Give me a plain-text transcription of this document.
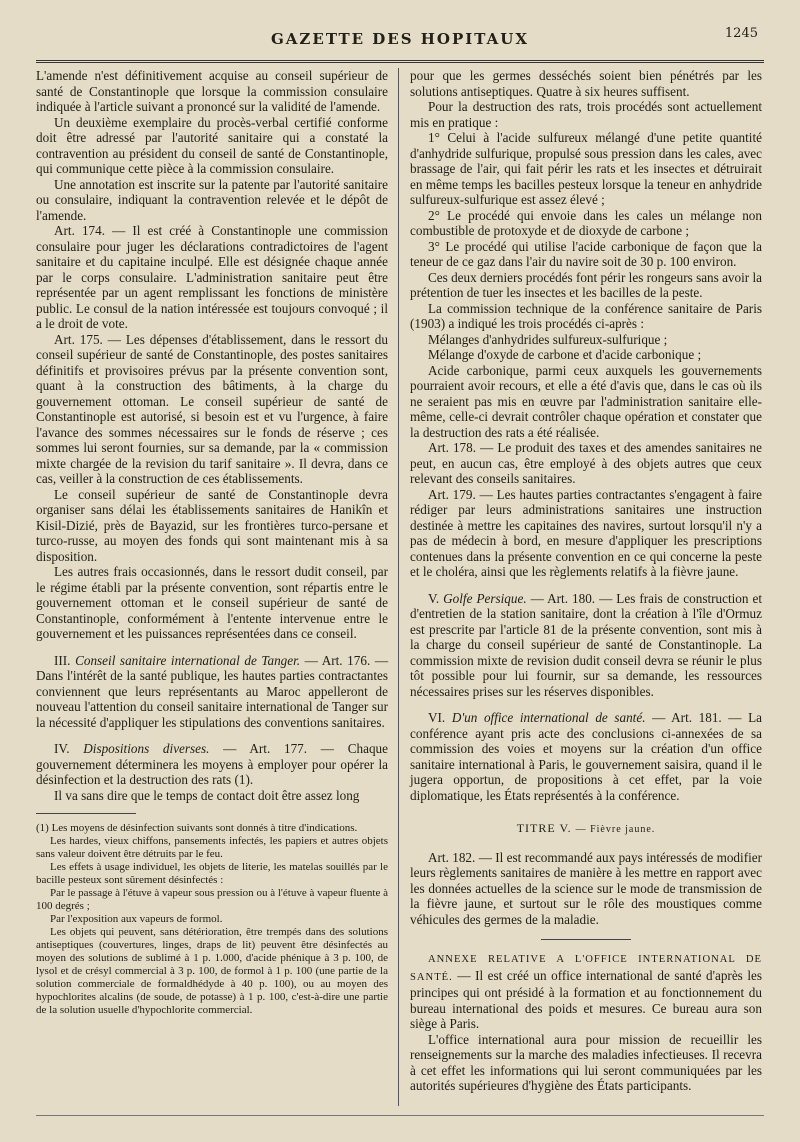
GAZETTE DES HOPITAUX	1245

L'amende n'est définitivement acquise au conseil supérieur de santé de Constantinople que lorsque la commission consulaire indiquée à l'article suivant a prononcé sur la validité de l'amende.

Un deuxième exemplaire du procès-verbal certifié conforme doit être adressé par l'autorité sanitaire qui a constaté la contravention au président du conseil de santé de Constantinople, qui communique cette pièce à la commission consulaire.

Une annotation est inscrite sur la patente par l'autorité sanitaire ou consulaire, indiquant la contravention relevée et le dépôt de l'amende.

Art. 174. — Il est créé à Constantinople une commission consulaire pour juger les déclarations contradictoires de l'agent sanitaire et du capitaine inculpé. Elle est désignée chaque année par le corps consulaire. L'administration sanitaire peut être représentée par un agent remplissant les fonctions de ministère public. Le consul de la nation intéressée est toujours convoqué ; il a le droit de vote.

Art. 175. — Les dépenses d'établissement, dans le ressort du conseil supérieur de santé de Constantinople, des postes sanitaires définitifs et provisoires prévus par la présente convention sont, quant à la construction des bâtiments, à la charge du gouvernement ottoman. Le conseil supérieur de santé de Constantinople est autorisé, si besoin est et vu l'urgence, à faire l'avance des sommes nécessaires sur le fonds de réserve ; ces sommes lui seront fournies, sur sa demande, par la « commission mixte chargée de la revision du tarif sanitaire ». Il devra, dans ce cas, veiller à la construction de ces établissements.

Le conseil supérieur de santé de Constantinople devra organiser sans délai les établissements sanitaires de Hanikîn et Kisil-Dizié, près de Bayazid, sur les frontières turco-persane et turco-russe, au moyen des fonds qui sont maintenant mis à sa disposition.

Les autres frais occasionnés, dans le ressort dudit conseil, par le régime établi par la présente convention, sont répartis entre le gouvernement ottoman et le conseil supérieur de santé de Constantinople, conformément à l'entente intervenue entre le gouvernement et les puissances représentées dans ce conseil.

III. Conseil sanitaire international de Tanger. — Art. 176. — Dans l'intérêt de la santé publique, les hautes parties contractantes conviennent que leurs représentants au Maroc appelleront de nouveau l'attention du conseil sanitaire international de Tanger sur la nécessité d'appliquer les stipulations des conventions sanitaires.

IV. Dispositions diverses. — Art. 177. — Chaque gouvernement déterminera les moyens à employer pour opérer la désinfection et la destruction des rats (1).

Il va sans dire que le temps de contact doit être assez long

(1) Les moyens de désinfection suivants sont donnés à titre d'indications.

Les hardes, vieux chiffons, pansements infectés, les papiers et autres objets sans valeur doivent être détruits par le feu.

Les effets à usage individuel, les objets de literie, les matelas souillés par le bacille pesteux sont sûrement désinfectés :

Par le passage à l'étuve à vapeur sous pression ou à l'étuve à vapeur fluente à 100 degrés ;

Par l'exposition aux vapeurs de formol.

Les objets qui peuvent, sans détérioration, être trempés dans des solutions antiseptiques (couvertures, linges, draps de lit) peuvent être désinfectés au moyen des solutions de sublimé à 1 p. 1.000, d'acide phénique à 3 p. 100, de lysol et de crésyl commercial à 3 p. 100, de formol à 1 p. 100 (une partie de la solution commerciale de formaldhédyde à 40 p. 100), ou au moyen des hypochlorites alcalins (de soude, de potasse) à 1 p. 100, c'est-à-dire une partie de la solution usuelle d'hypochlorite commercial.

pour que les germes desséchés soient bien pénétrés par les solutions antiseptiques. Quatre à six heures suffisent.

Pour la destruction des rats, trois procédés sont actuellement mis en pratique :

1° Celui à l'acide sulfureux mélangé d'une petite quantité d'anhydride sulfurique, propulsé sous pression dans les cales, avec brassage de l'air, qui fait périr les rats et les insectes et détruirait en même temps les bacilles pesteux lorsque la teneur en anhydride sulfureux-sulfurique est assez élevé ;

2° Le procédé qui envoie dans les cales un mélange non combustible de protoxyde et de dioxyde de carbone ;

3° Le procédé qui utilise l'acide carbonique de façon que la teneur de ce gaz dans l'air du navire soit de 30 p. 100 environ.

Ces deux derniers procédés font périr les rongeurs sans avoir la prétention de tuer les insectes et les bacilles de la peste.

La commission technique de la conférence sanitaire de Paris (1903) a indiqué les trois procédés ci-après :

Mélanges d'anhydrides sulfureux-sulfurique ;

Mélange d'oxyde de carbone et d'acide carbonique ;

Acide carbonique, parmi ceux auxquels les gouvernements pourraient avoir recours, et elle a été d'avis que, dans le cas où ils ne seraient pas mis en œuvre par l'administration sanitaire elle-même, celle-ci devrait contrôler chaque opération et constater que la destruction des rats a été réalisée.

Art. 178. — Le produit des taxes et des amendes sanitaires ne peut, en aucun cas, être employé à des objets autres que ceux relevant des conseils sanitaires.

Art. 179. — Les hautes parties contractantes s'engagent à faire rédiger par leurs administrations sanitaires une instruction destinée à mettre les capitaines des navires, surtout lorsqu'il n'y a pas de médecin à bord, en mesure d'appliquer les prescriptions contenues dans la présente convention en ce qui concerne la peste et le choléra, ainsi que les règlements relatifs à la fièvre jaune.

V. Golfe Persique. — Art. 180. — Les frais de construction et d'entretien de la station sanitaire, dont la création à l'île d'Ormuz est prescrite par l'article 81 de la présente convention, sont mis à la charge du conseil supérieur de santé de Constantinople. La commission mixte de revision dudit conseil devra se réunir le plus tôt possible pour lui fournir, sur sa demande, les ressources nécessaires prises sur les réserves disponibles.

VI. D'un office international de santé. — Art. 181. — La conférence ayant pris acte des conclusions ci-annexées de sa commission des voies et moyens sur la création d'un office sanitaire international à Paris, le gouvernement saisira, quand il le jugera opportun, de propositions à cet effet, par la voie diplomatique, les États représentés à la conférence.

TITRE V. — Fièvre jaune.

Art. 182. — Il est recommandé aux pays intéressés de modifier leurs règlements sanitaires de manière à les mettre en rapport avec les données actuelles de la science sur le mode de transmission de la fièvre jaune, et surtout sur le rôle des moustiques comme véhicules des germes de la maladie.

ANNEXE RELATIVE A L'OFFICE INTERNATIONAL DE SANTÉ. — Il est créé un office international de santé d'après les principes qui ont présidé à la formation et au fonctionnement du bureau international des poids et mesures. Ce bureau aura son siège à Paris.

L'office international aura pour mission de recueillir les renseignements sur la marche des maladies infectieuses. Il recevra à cet effet les informations qui lui seront communiquées par les autorités supérieures d'hygiène des États participants.
